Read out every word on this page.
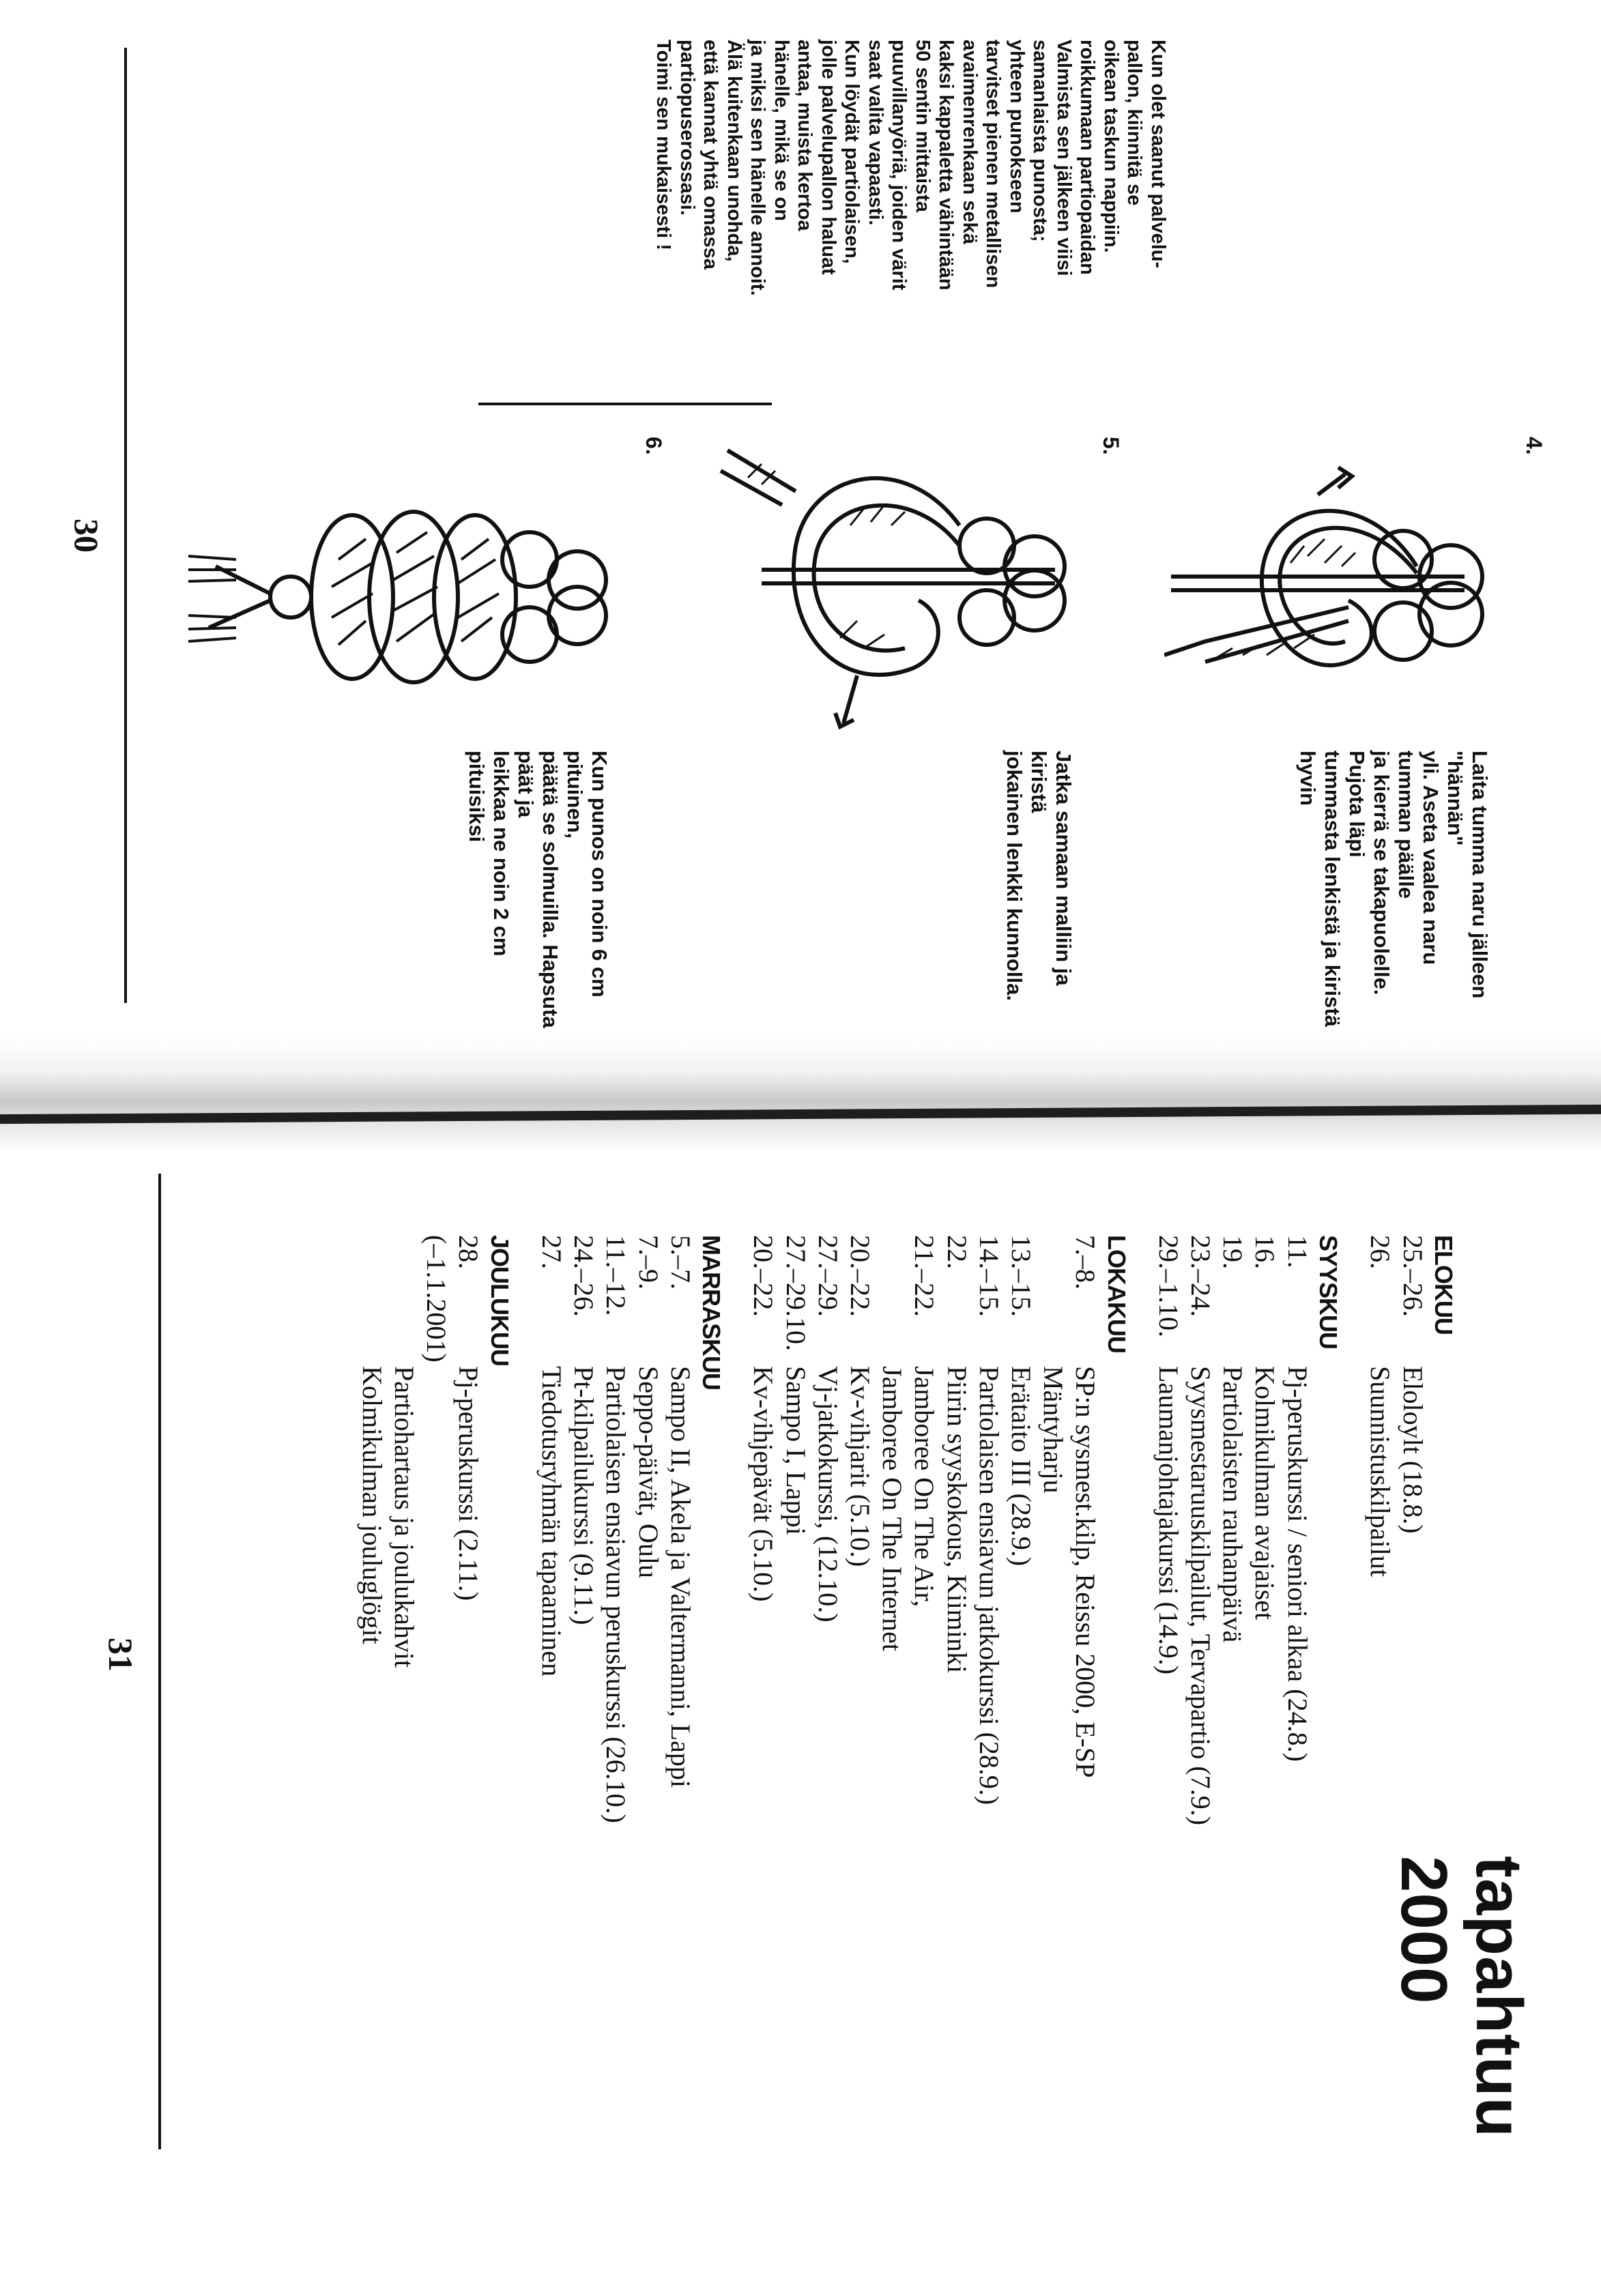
4.
Laita tumma naru jälleen "hännän"
yli. Aseta vaalea naru tumman päälle
ja kierrä se takapuolelle. Pujota läpi
tummasta lenkistä ja kiristä hyvin
5.
Jatka samaan malliin ja kiristä
jokainen lenkki kunnolla.
6.
Kun punos on noin 6 cm pituinen,
päätä se solmuilla. Hapsuta päät ja
leikkaa ne noin 2 cm pituisiksi
Kun olet saanut palvelu-
pallon, kiinnitä se
oikean taskun nappiin.
roikkumaan partiopaidan
Valmista sen jälkeen viisi
samanlaista punosta;
yhteen punokseen
tarvitset pienen metallisen
avaimenrenkaan sekä
kaksi kappaletta vähintään
50 sentin mittaista
puuvillanyöriä, joiden värit
saat valita vapaasti.
Kun löydät partiolaisen,
jolle palvelupallon haluat
antaa, muista kertoa
hänelle, mikä se on
ja miksi sen hänelle annoit.
Älä kuitenkaan unohda,
että kannat yhtä omassa
partiopuserossasi.
Toimi sen mukaisesti !
30
tapahtuu 2000
ELOKUU
25.–26.
Eloloylt (18.8.)
26.
Suunnistuskilpailut
SYYSKUU
11.
Pj-peruskurssi / seniori alkaa (24.8.)
16.
Kolmikulman avajaiset
19.
Partiolaisten rauhanpäivä
23.–24.
Syysmestaruuskilpailut, Tervapartio (7.9.)
29.–1.10.
Laumanjohtajakurssi (14.9.)
LOKAKUU
7.–8.
SP:n sysmest.kilp, Reissu 2000, E-SP
Mäntyharju
13.–15.
Erätaito III (28.9.)
14.–15.
Partiolaisen ensiavun jatkokurssi (28.9.)
22.
Piirin syyskokous, Kiiminki
21.–22.
Jamboree On The Air,
Jamboree On The Internet
20.–22.
Kv-vihjarit (5.10.)
27.–29.
Vj-jatkokurssi, (12.10.)
27.–29.10.
Sampo I, Lappi
20.–22.
Kv-vihjepävät (5.10.)
MARRASKUU
5.–7.
Sampo II, Akela ja Valtermanni, Lappi
7.–9.
Seppo-päivät, Oulu
11.–12.
Partiolaisen ensiavun peruskurssi (26.10.)
24.–26.
Pt-kilpailukurssi (9.11.)
27.
Tiedotusryhmän tapaaminen
JOULUKUU
28.
Pj-peruskurssi (2.11.)
(–1.1.2001)
Partiohartaus ja joulukahvit
Kolmikulman jouluglögit
31
